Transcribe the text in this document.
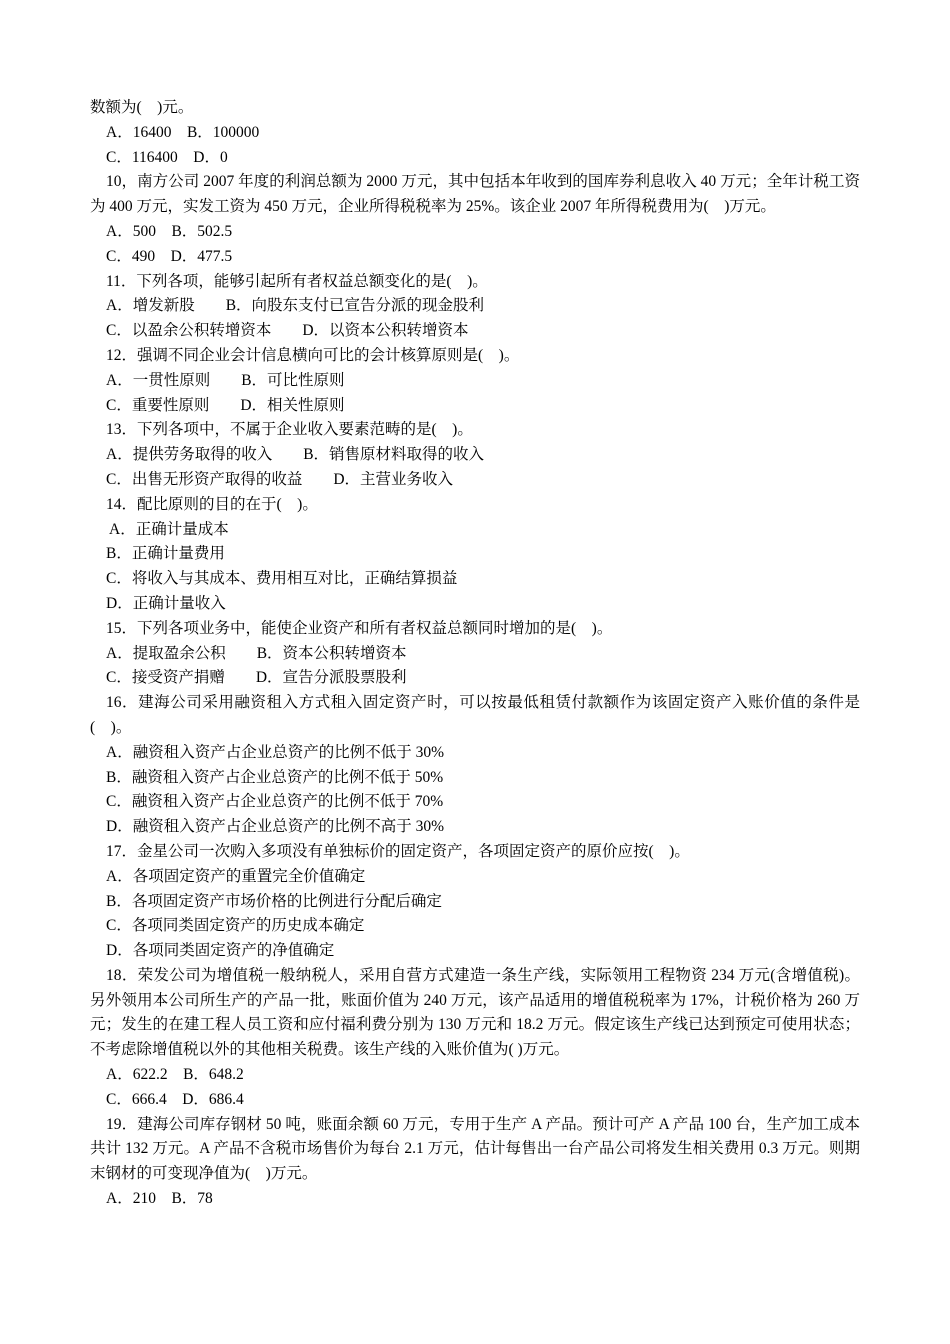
数额为(　)元。
A．16400　B．100000
C．116400　D．0

10，南方公司 2007 年度的利润总额为 2000 万元，其中包括本年收到的国库券利息收入 40 万元；全年计税工资为 400 万元，实发工资为 450 万元，企业所得税税率为 25%。该企业 2007 年所得税费用为(　)万元。

A．500　B．502.5
C．490　D．477.5
11．下列各项，能够引起所有者权益总额变化的是(　)。
A．增发新股　　B．向股东支付已宣告分派的现金股利
C．以盈余公积转增资本　　D．以资本公积转增资本
12．强调不同企业会计信息横向可比的会计核算原则是(　)。
A．一贯性原则　　B．可比性原则
C．重要性原则　　D．相关性原则
13．下列各项中，不属于企业收入要素范畴的是(　)。
A．提供劳务取得的收入　　B．销售原材料取得的收入
C．出售无形资产取得的收益　　D．主营业务收入
14．配比原则的目的在于(　)。
A．正确计量成本
B．正确计量费用
C．将收入与其成本、费用相互对比，正确结算损益
D．正确计量收入
15．下列各项业务中，能使企业资产和所有者权益总额同时增加的是(　)。
A．提取盈余公积　　B．资本公积转增资本
C．接受资产捐赠　　D．宣告分派股票股利

16．建海公司采用融资租入方式租入固定资产时，可以按最低租赁付款额作为该固定资产入账价值的条件是(　)。

A．融资租入资产占企业总资产的比例不低于 30%
B．融资租入资产占企业总资产的比例不低于 50%
C．融资租入资产占企业总资产的比例不低于 70%
D．融资租入资产占企业总资产的比例不高于 30%
17．金星公司一次购入多项没有单独标价的固定资产，各项固定资产的原价应按(　)。
A．各项固定资产的重置完全价值确定
B．各项固定资产市场价格的比例进行分配后确定
C．各项同类固定资产的历史成本确定
D．各项同类固定资产的净值确定

18．荣发公司为增值税一般纳税人，采用自营方式建造一条生产线，实际领用工程物资 234 万元(含增值税)。另外领用本公司所生产的产品一批，账面价值为 240 万元，该产品适用的增值税税率为 17%，计税价格为 260 万元；发生的在建工程人员工资和应付福利费分别为 130 万元和 18.2 万元。假定该生产线已达到预定可使用状态；不考虑除增值税以外的其他相关税费。该生产线的入账价值为( )万元。

A．622.2　B．648.2
C．666.4　D．686.4

19．建海公司库存钢材 50 吨，账面余额 60 万元，专用于生产 A 产品。预计可产 A 产品 100 台，生产加工成本共计 132 万元。A 产品不含税市场售价为每台 2.1 万元，估计每售出一台产品公司将发生相关费用 0.3 万元。则期末钢材的可变现净值为(　)万元。

A．210　B．78
